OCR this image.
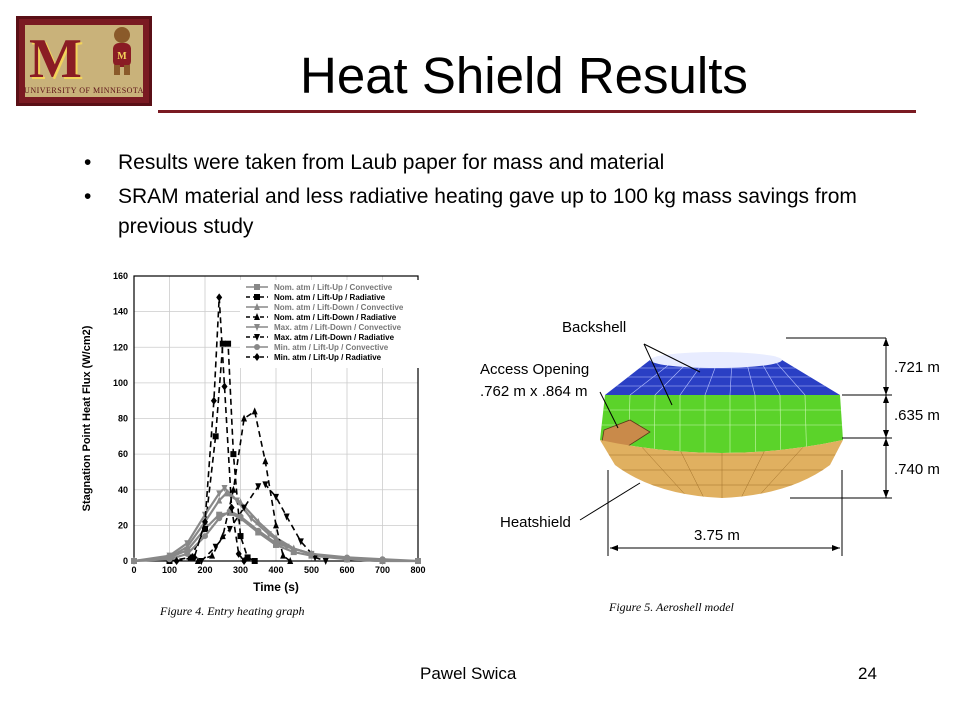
M	M
UNIVERSITY OF MINNESOTA	Heat Shield Results
• Results were taken from Laub paper for mass and material
• SRAM material and less radiative heating gave up to 100 kg mass savings from previous study
0	100 200 300 400 500 600 700 800
0
20
40
60
80
100
120
140
160
Time (s)
Stagnation Point Heat Flux (W/cm2)
Nom. atm / Lift-Up / Convective
Nom. atm / Lift-Up / Radiative
Nom. atm / Lift-Down / Convective
Nom. atm / Lift-Down / Radiative
Max. atm / Lift-Down / Convective
Max. atm / Lift-Down / Radiative
Min. atm / Lift-Up / Convective
Min. atm / Lift-Up / Radiative
Figure 4. Entry heating graph
Backshell
Access Opening
.762 m x .864 m
Heatshield
3.75 m
.721 m
.635 m
.740 m
Figure 5. Aeroshell model
Pawel Swica	24
